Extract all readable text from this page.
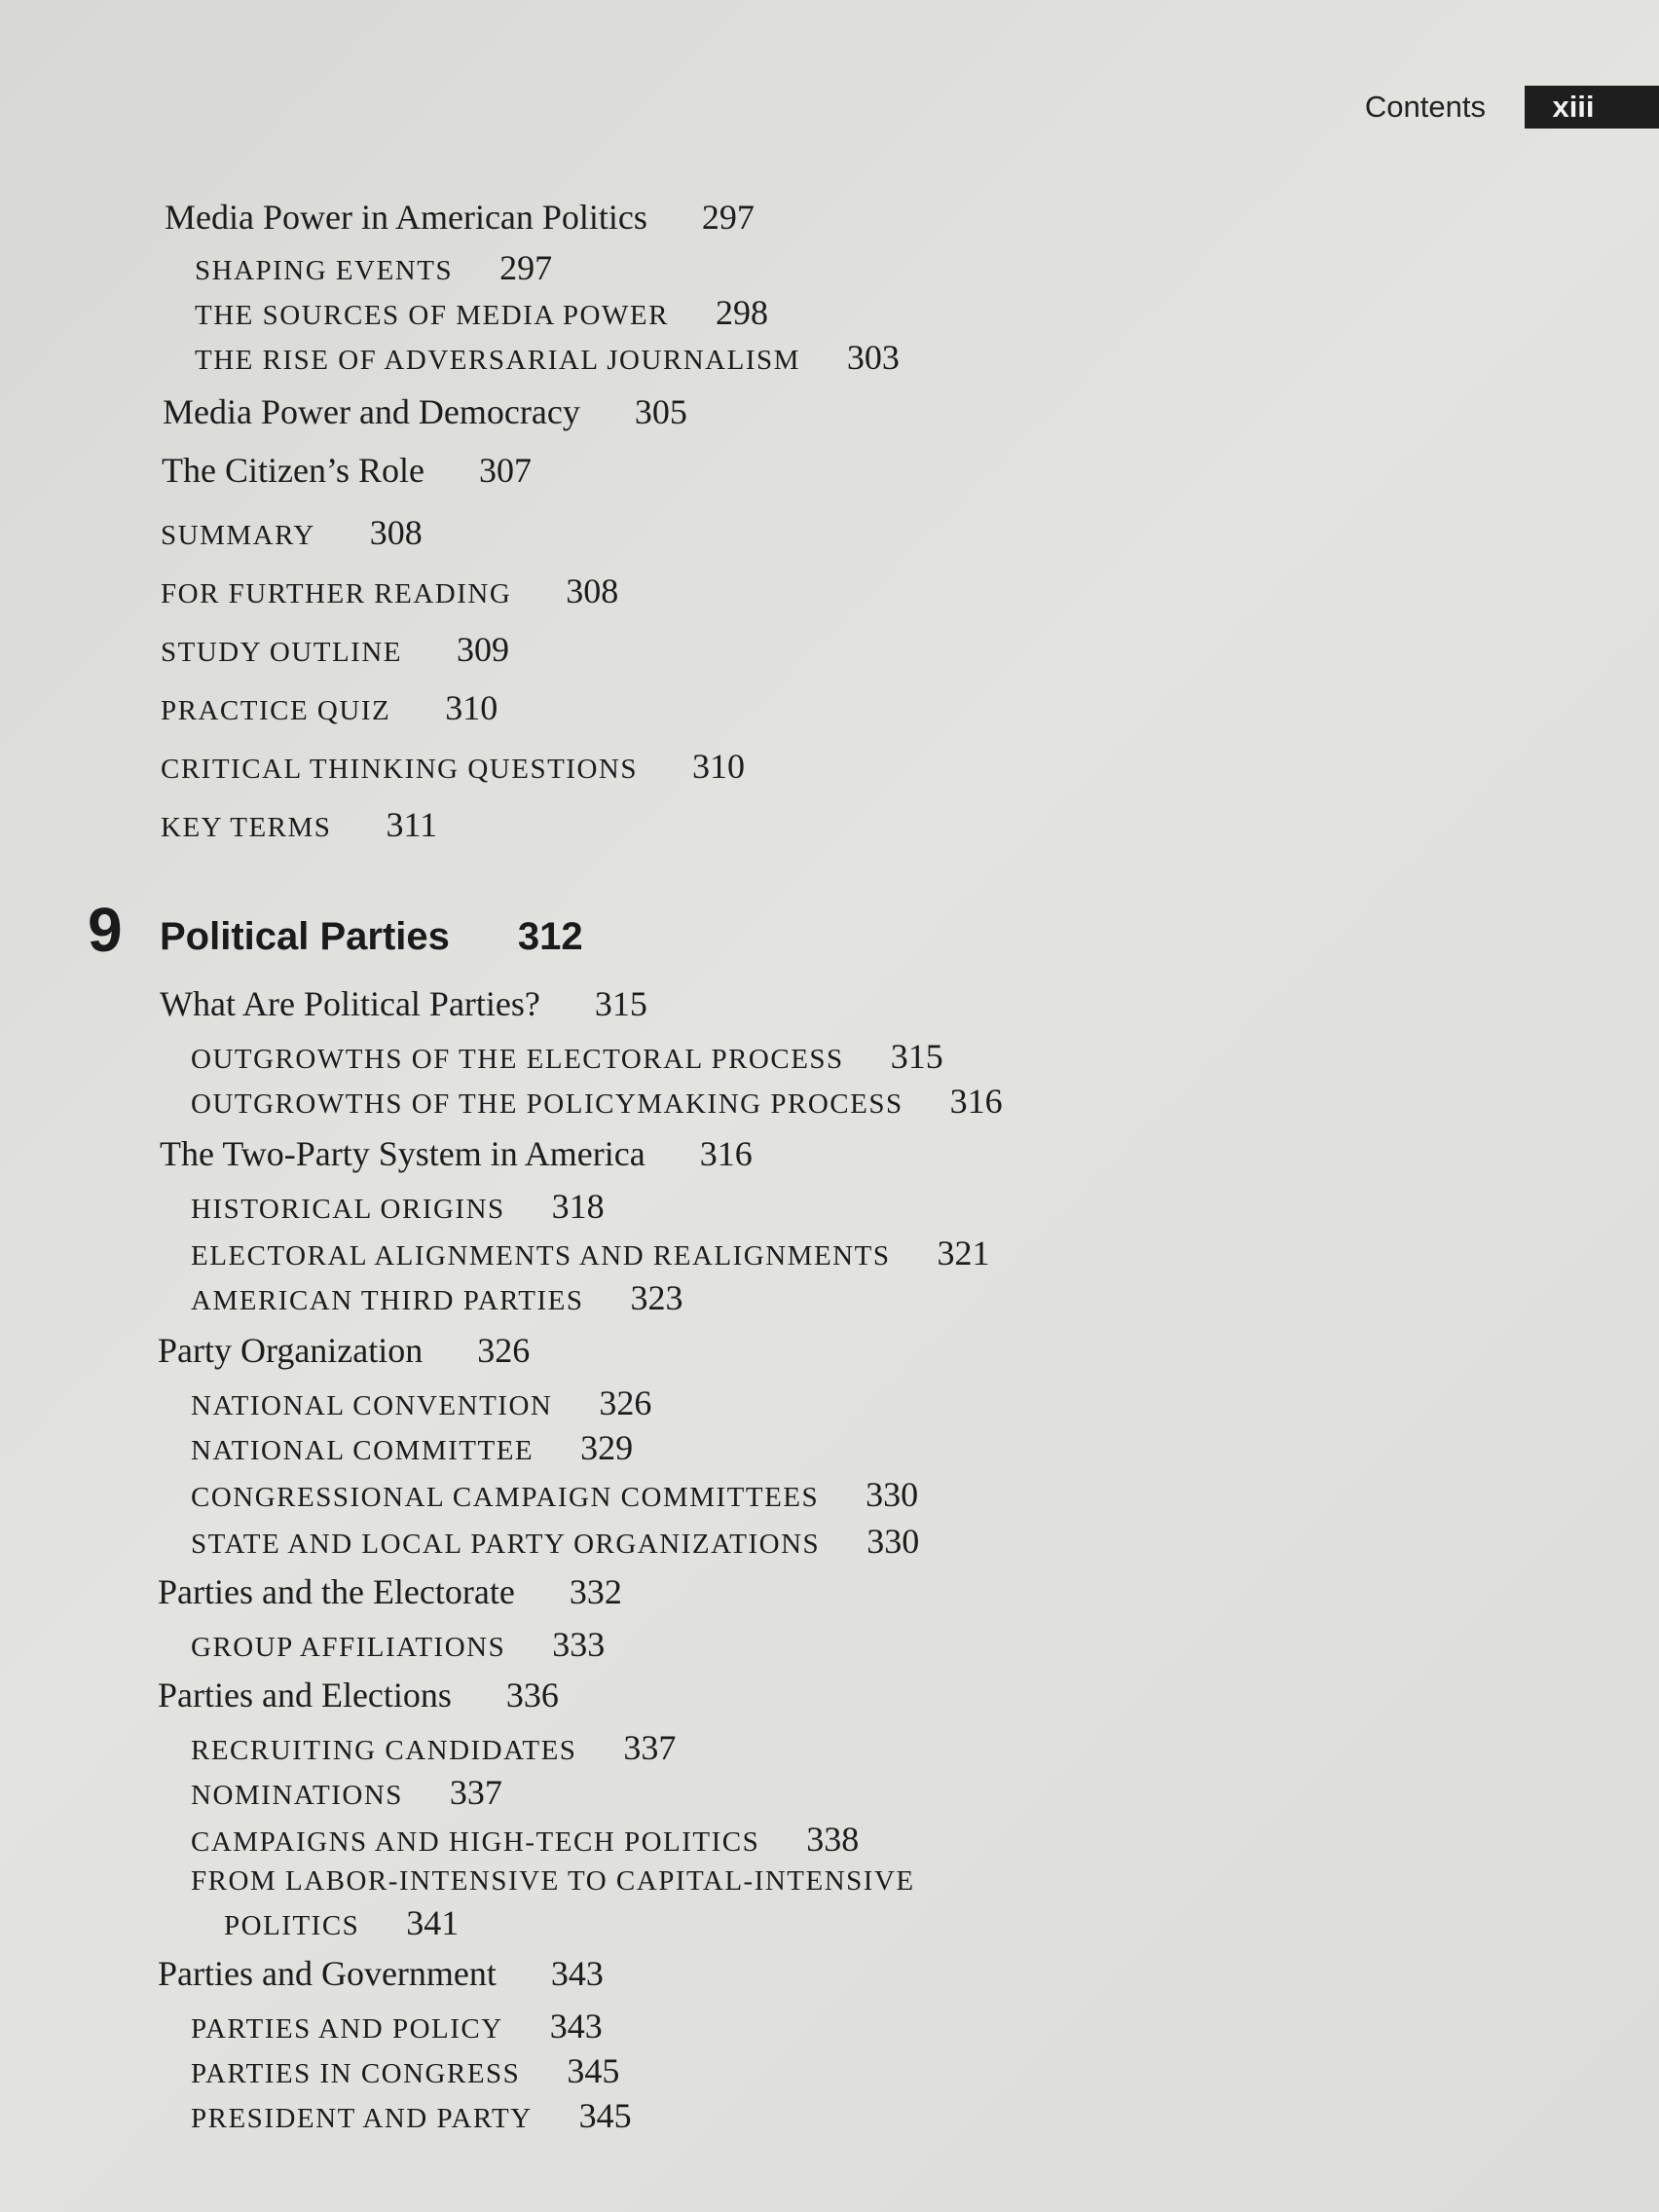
Contents	xiii
Media Power in American Politics 297
SHAPING EVENTS 297
THE SOURCES OF MEDIA POWER 298
THE RISE OF ADVERSARIAL JOURNALISM 303
Media Power and Democracy 305
The Citizen’s Role 307
SUMMARY 308
FOR FURTHER READING 308
STUDY OUTLINE 309
PRACTICE QUIZ 310
CRITICAL THINKING QUESTIONS 310
KEY TERMS 311
9 Political Parties 312
What Are Political Parties? 315
OUTGROWTHS OF THE ELECTORAL PROCESS 315
OUTGROWTHS OF THE POLICYMAKING PROCESS 316
The Two-Party System in America 316
HISTORICAL ORIGINS 318
ELECTORAL ALIGNMENTS AND REALIGNMENTS 321
AMERICAN THIRD PARTIES 323
Party Organization 326
NATIONAL CONVENTION 326
NATIONAL COMMITTEE 329
CONGRESSIONAL CAMPAIGN COMMITTEES 330
STATE AND LOCAL PARTY ORGANIZATIONS 330
Parties and the Electorate 332
GROUP AFFILIATIONS 333
Parties and Elections 336
RECRUITING CANDIDATES 337
NOMINATIONS 337
CAMPAIGNS AND HIGH-TECH POLITICS 338
FROM LABOR-INTENSIVE TO CAPITAL-INTENSIVE
POLITICS 341
Parties and Government 343
PARTIES AND POLICY 343
PARTIES IN CONGRESS 345
PRESIDENT AND PARTY 345
